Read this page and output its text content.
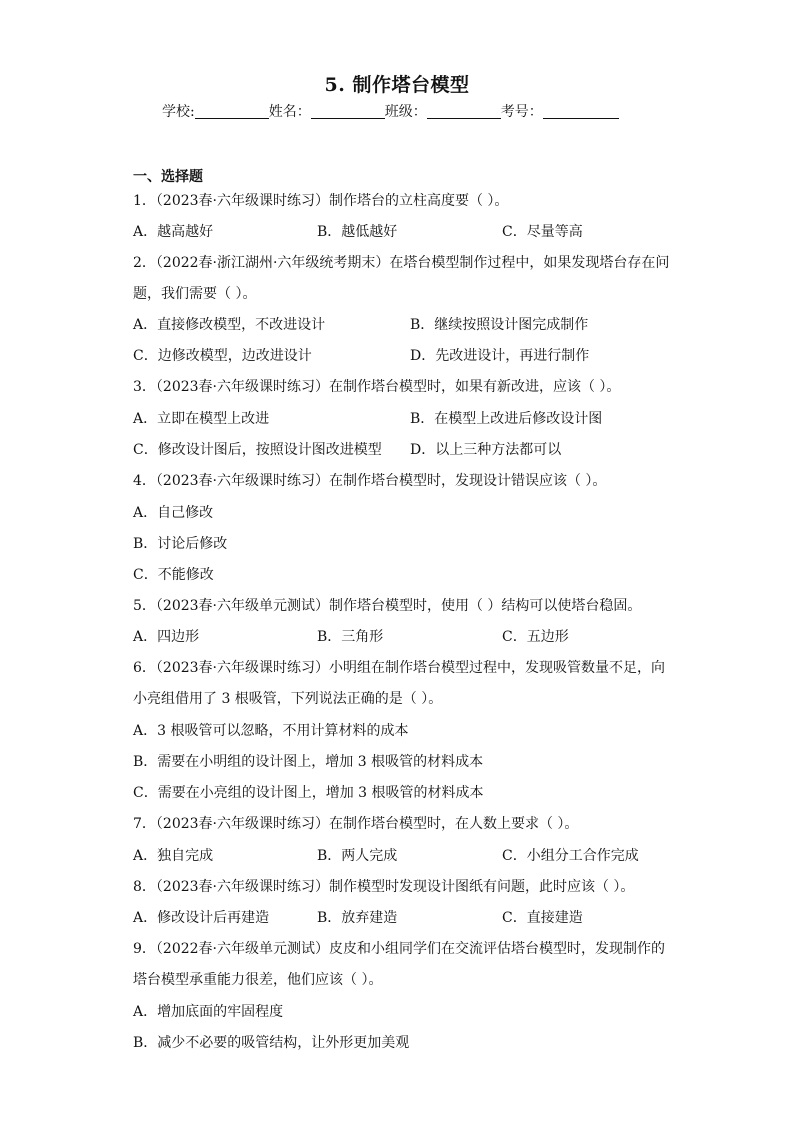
5. 制作塔台模型
学校:	姓名：	班级：	考号：
一、选择题
1．（2023春·六年级课时练习）制作塔台的立柱高度要（ ）。
A．越高越好	B．越低越好	C．尽量等高
2．（2022春·浙江湖州·六年级统考期末）在塔台模型制作过程中，如果发现塔台存在问
题，我们需要（ ）。
A．直接修改模型，不改进设计	B．继续按照设计图完成制作
C．边修改模型，边改进设计	D．先改进设计，再进行制作
3．（2023春·六年级课时练习）在制作塔台模型时，如果有新改进，应该（ ）。
A．立即在模型上改进	B．在模型上改进后修改设计图
C．修改设计图后，按照设计图改进模型 D．以上三种方法都可以
4．（2023春·六年级课时练习）在制作塔台模型时，发现设计错误应该（ ）。
A．自己修改
B．讨论后修改
C．不能修改
5．（2023春·六年级单元测试）制作塔台模型时，使用（ ）结构可以使塔台稳固。
A．四边形	B．三角形	C．五边形
6．（2023春·六年级课时练习）小明组在制作塔台模型过程中，发现吸管数量不足，向
小亮组借用了 3 根吸管，下列说法正确的是（ ）。
A．3 根吸管可以忽略，不用计算材料的成本
B．需要在小明组的设计图上，增加 3 根吸管的材料成本
C．需要在小亮组的设计图上，增加 3 根吸管的材料成本
7．（2023春·六年级课时练习）在制作塔台模型时，在人数上要求（ ）。
A．独自完成	B．两人完成	C．小组分工合作完成
8．（2023春·六年级课时练习）制作模型时发现设计图纸有问题，此时应该（ ）。
A．修改设计后再建造	B．放弃建造	C．直接建造
9．（2022春·六年级单元测试）皮皮和小组同学们在交流评估塔台模型时，发现制作的
塔台模型承重能力很差，他们应该（ ）。
A．增加底面的牢固程度
B．减少不必要的吸管结构，让外形更加美观
